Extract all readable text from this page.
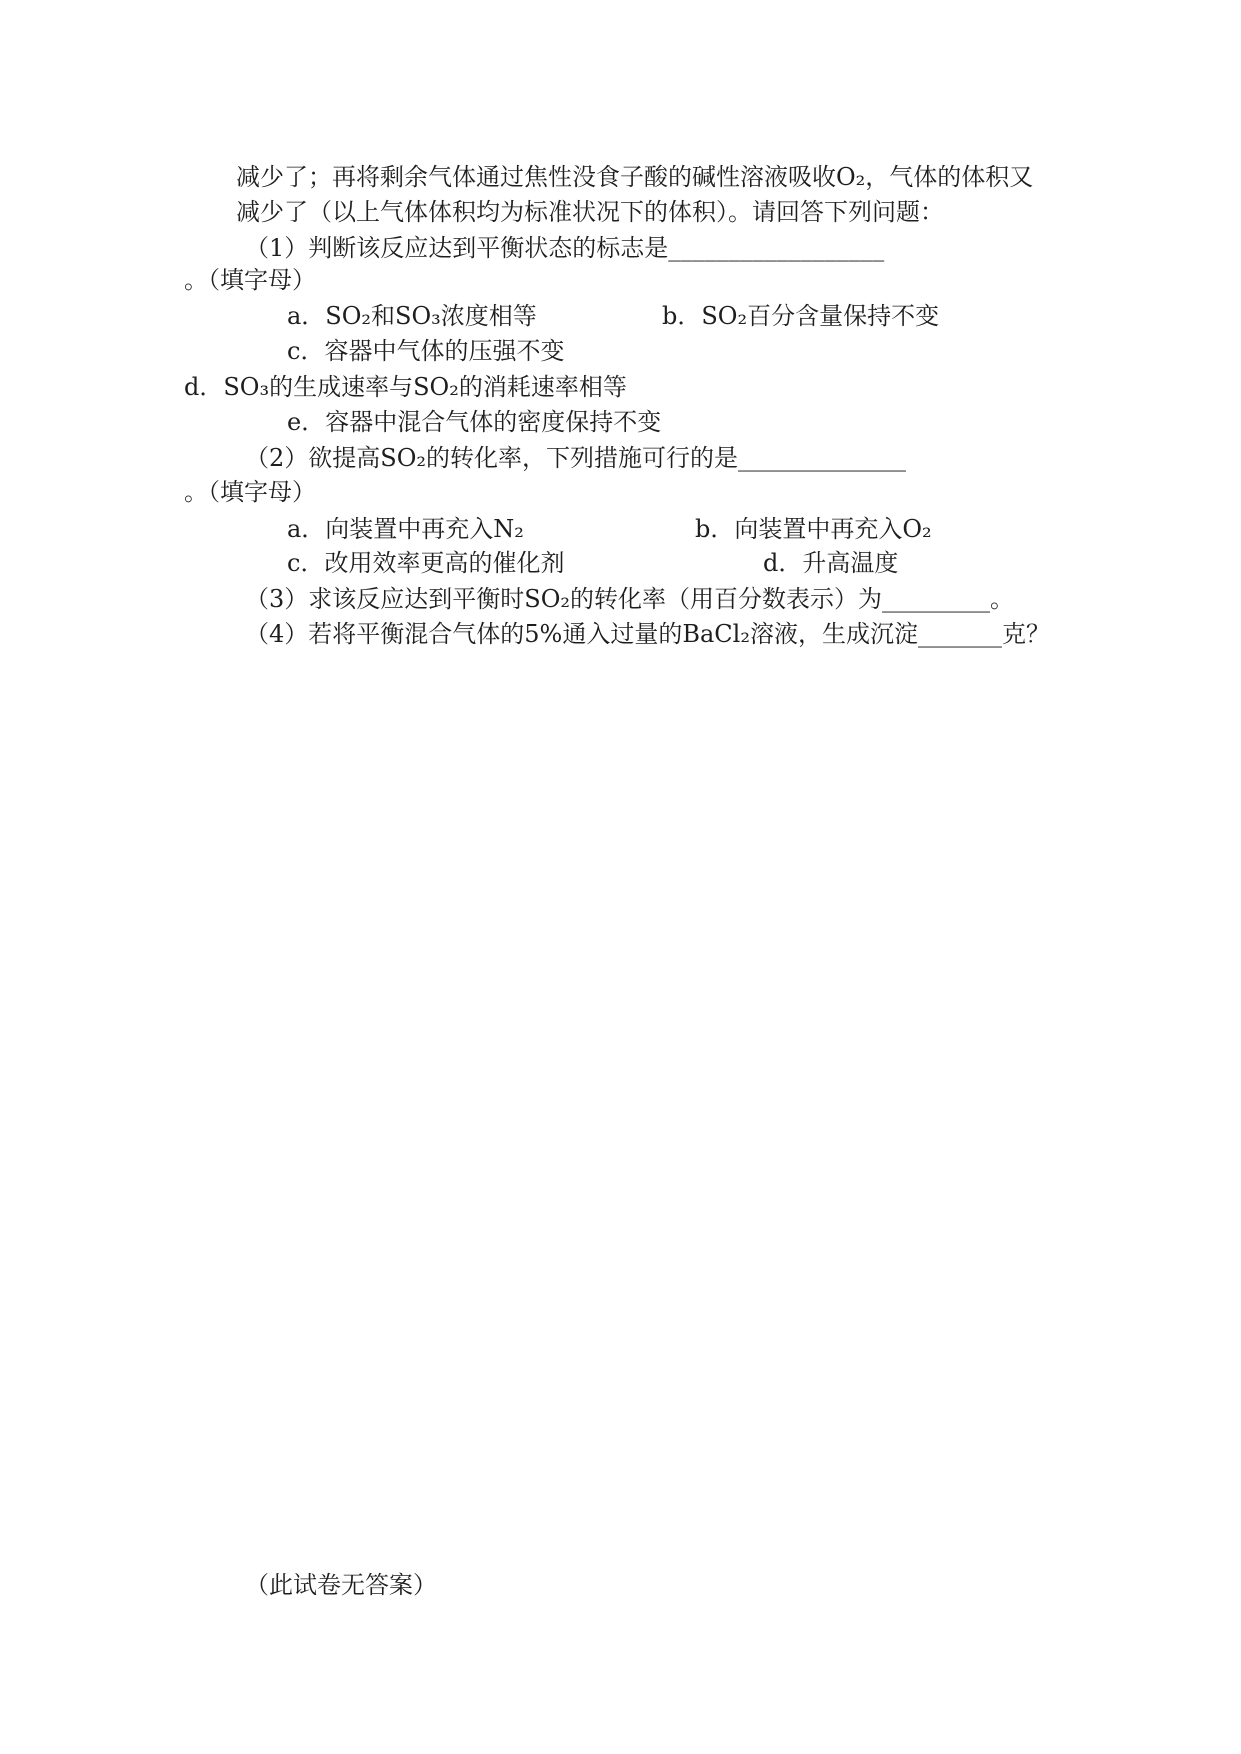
减少了；再将剩余气体通过焦性没食子酸的碱性溶液吸收O₂，气体的体积又
减少了（以上气体体积均为标准状况下的体积）。请回答下列问题：
（1）判断该反应达到平衡状态的标志是__________________
。（填字母）
a．SO₂和SO₃浓度相等	b．SO₂百分含量保持不变
c．容器中气体的压强不变
d．SO₃的生成速率与SO₂的消耗速率相等
e．容器中混合气体的密度保持不变
（2）欲提高SO₂的转化率，下列措施可行的是______________
。（填字母）
a．向装置中再充入N₂	b．向装置中再充入O₂
c．改用效率更高的催化剂	d．升高温度
（3）求该反应达到平衡时SO₂的转化率（用百分数表示）为_________。
（4）若将平衡混合气体的5%通入过量的BaCl₂溶液，生成沉淀_______克？
（此试卷无答案）
